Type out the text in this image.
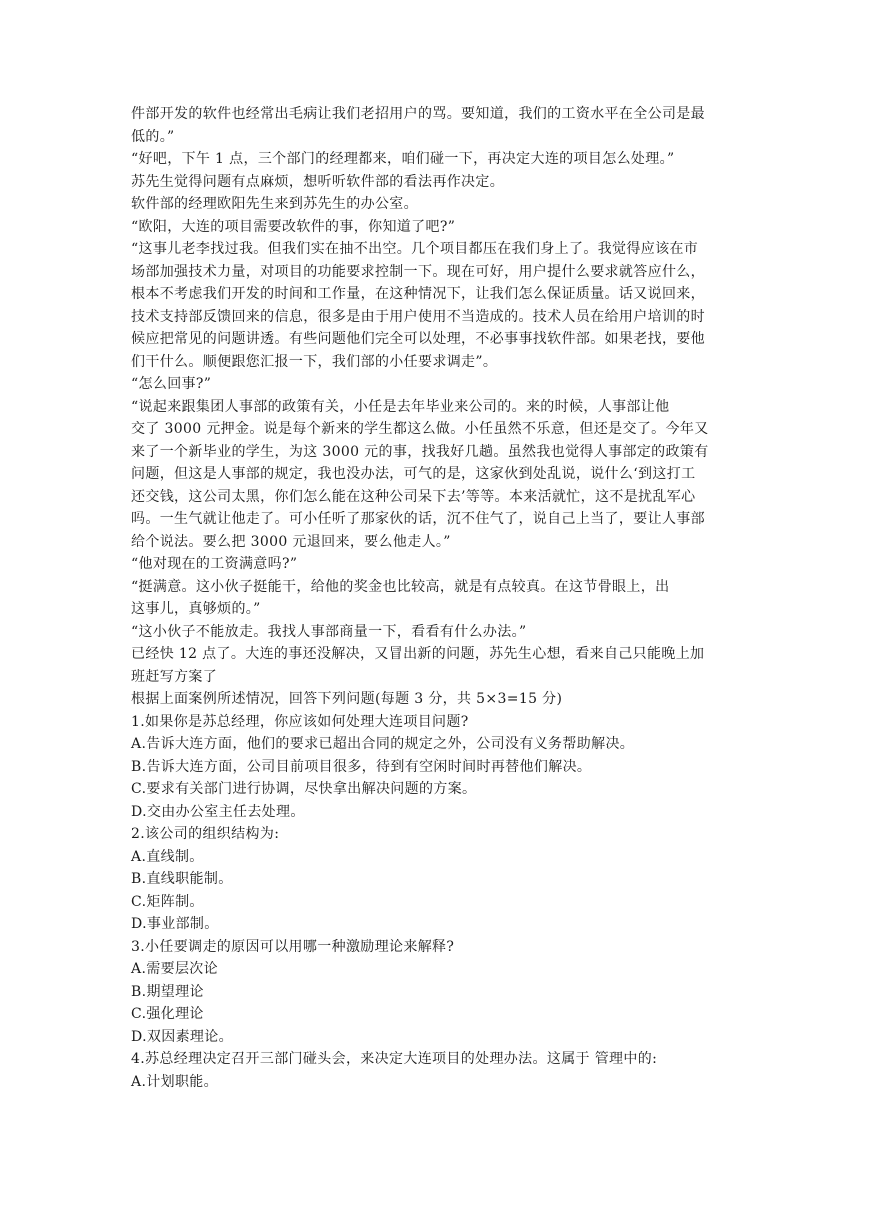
件部开发的软件也经常出毛病让我们老招用户的骂。要知道，我们的工资水平在全公司是最
低的。”
“好吧，下午 1 点，三个部门的经理都来，咱们碰一下，再决定大连的项目怎么处理。”
苏先生觉得问题有点麻烦，想听听软件部的看法再作决定。
软件部的经理欧阳先生来到苏先生的办公室。
“欧阳，大连的项目需要改软件的事，你知道了吧?”
“这事儿老李找过我。但我们实在抽不出空。几个项目都压在我们身上了。我觉得应该在市
场部加强技术力量，对项目的功能要求控制一下。现在可好，用户提什么要求就答应什么，
根本不考虑我们开发的时间和工作量，在这种情况下，让我们怎么保证质量。话又说回来，
技术支持部反馈回来的信息，很多是由于用户使用不当造成的。技术人员在给用户培训的时
候应把常见的问题讲透。有些问题他们完全可以处理，不必事事找软件部。如果老找，要他
们干什么。顺便跟您汇报一下，我们部的小任要求调走”。
“怎么回事?”
“说起来跟集团人事部的政策有关，小任是去年毕业来公司的。来的时候，人事部让他
交了 3000 元押金。说是每个新来的学生都这么做。小任虽然不乐意，但还是交了。今年又
来了一个新毕业的学生，为这 3000 元的事，找我好几趟。虽然我也觉得人事部定的政策有
问题，但这是人事部的规定，我也没办法，可气的是，这家伙到处乱说，说什么‘到这打工
还交钱，这公司太黑，你们怎么能在这种公司呆下去’等等。本来活就忙，这不是扰乱军心
吗。一生气就让他走了。可小任听了那家伙的话，沉不住气了，说自己上当了，要让人事部
给个说法。要么把 3000 元退回来，要么他走人。”
“他对现在的工资满意吗?”
“挺满意。这小伙子挺能干，给他的奖金也比较高，就是有点较真。在这节骨眼上，出
这事儿，真够烦的。”
“这小伙子不能放走。我找人事部商量一下，看看有什么办法。”
已经快 12 点了。大连的事还没解决，又冒出新的问题，苏先生心想，看来自己只能晚上加
班赶写方案了
根据上面案例所述情况，回答下列问题(每题 3 分，共 5×3=15 分)
1.如果你是苏总经理，你应该如何处理大连项目问题?
A.告诉大连方面，他们的要求已超出合同的规定之外，公司没有义务帮助解决。
B.告诉大连方面，公司目前项目很多，待到有空闲时间时再替他们解决。
C.要求有关部门进行协调，尽快拿出解决问题的方案。
D.交由办公室主任去处理。
2.该公司的组织结构为:
A.直线制。
B.直线职能制。
C.矩阵制。
D.事业部制。
3.小任要调走的原因可以用哪一种激励理论来解释?
A.需要层次论
B.期望理论
C.强化理论
D.双因素理论。
4.苏总经理决定召开三部门碰头会，来决定大连项目的处理办法。这属于 管理中的:
A.计划职能。
